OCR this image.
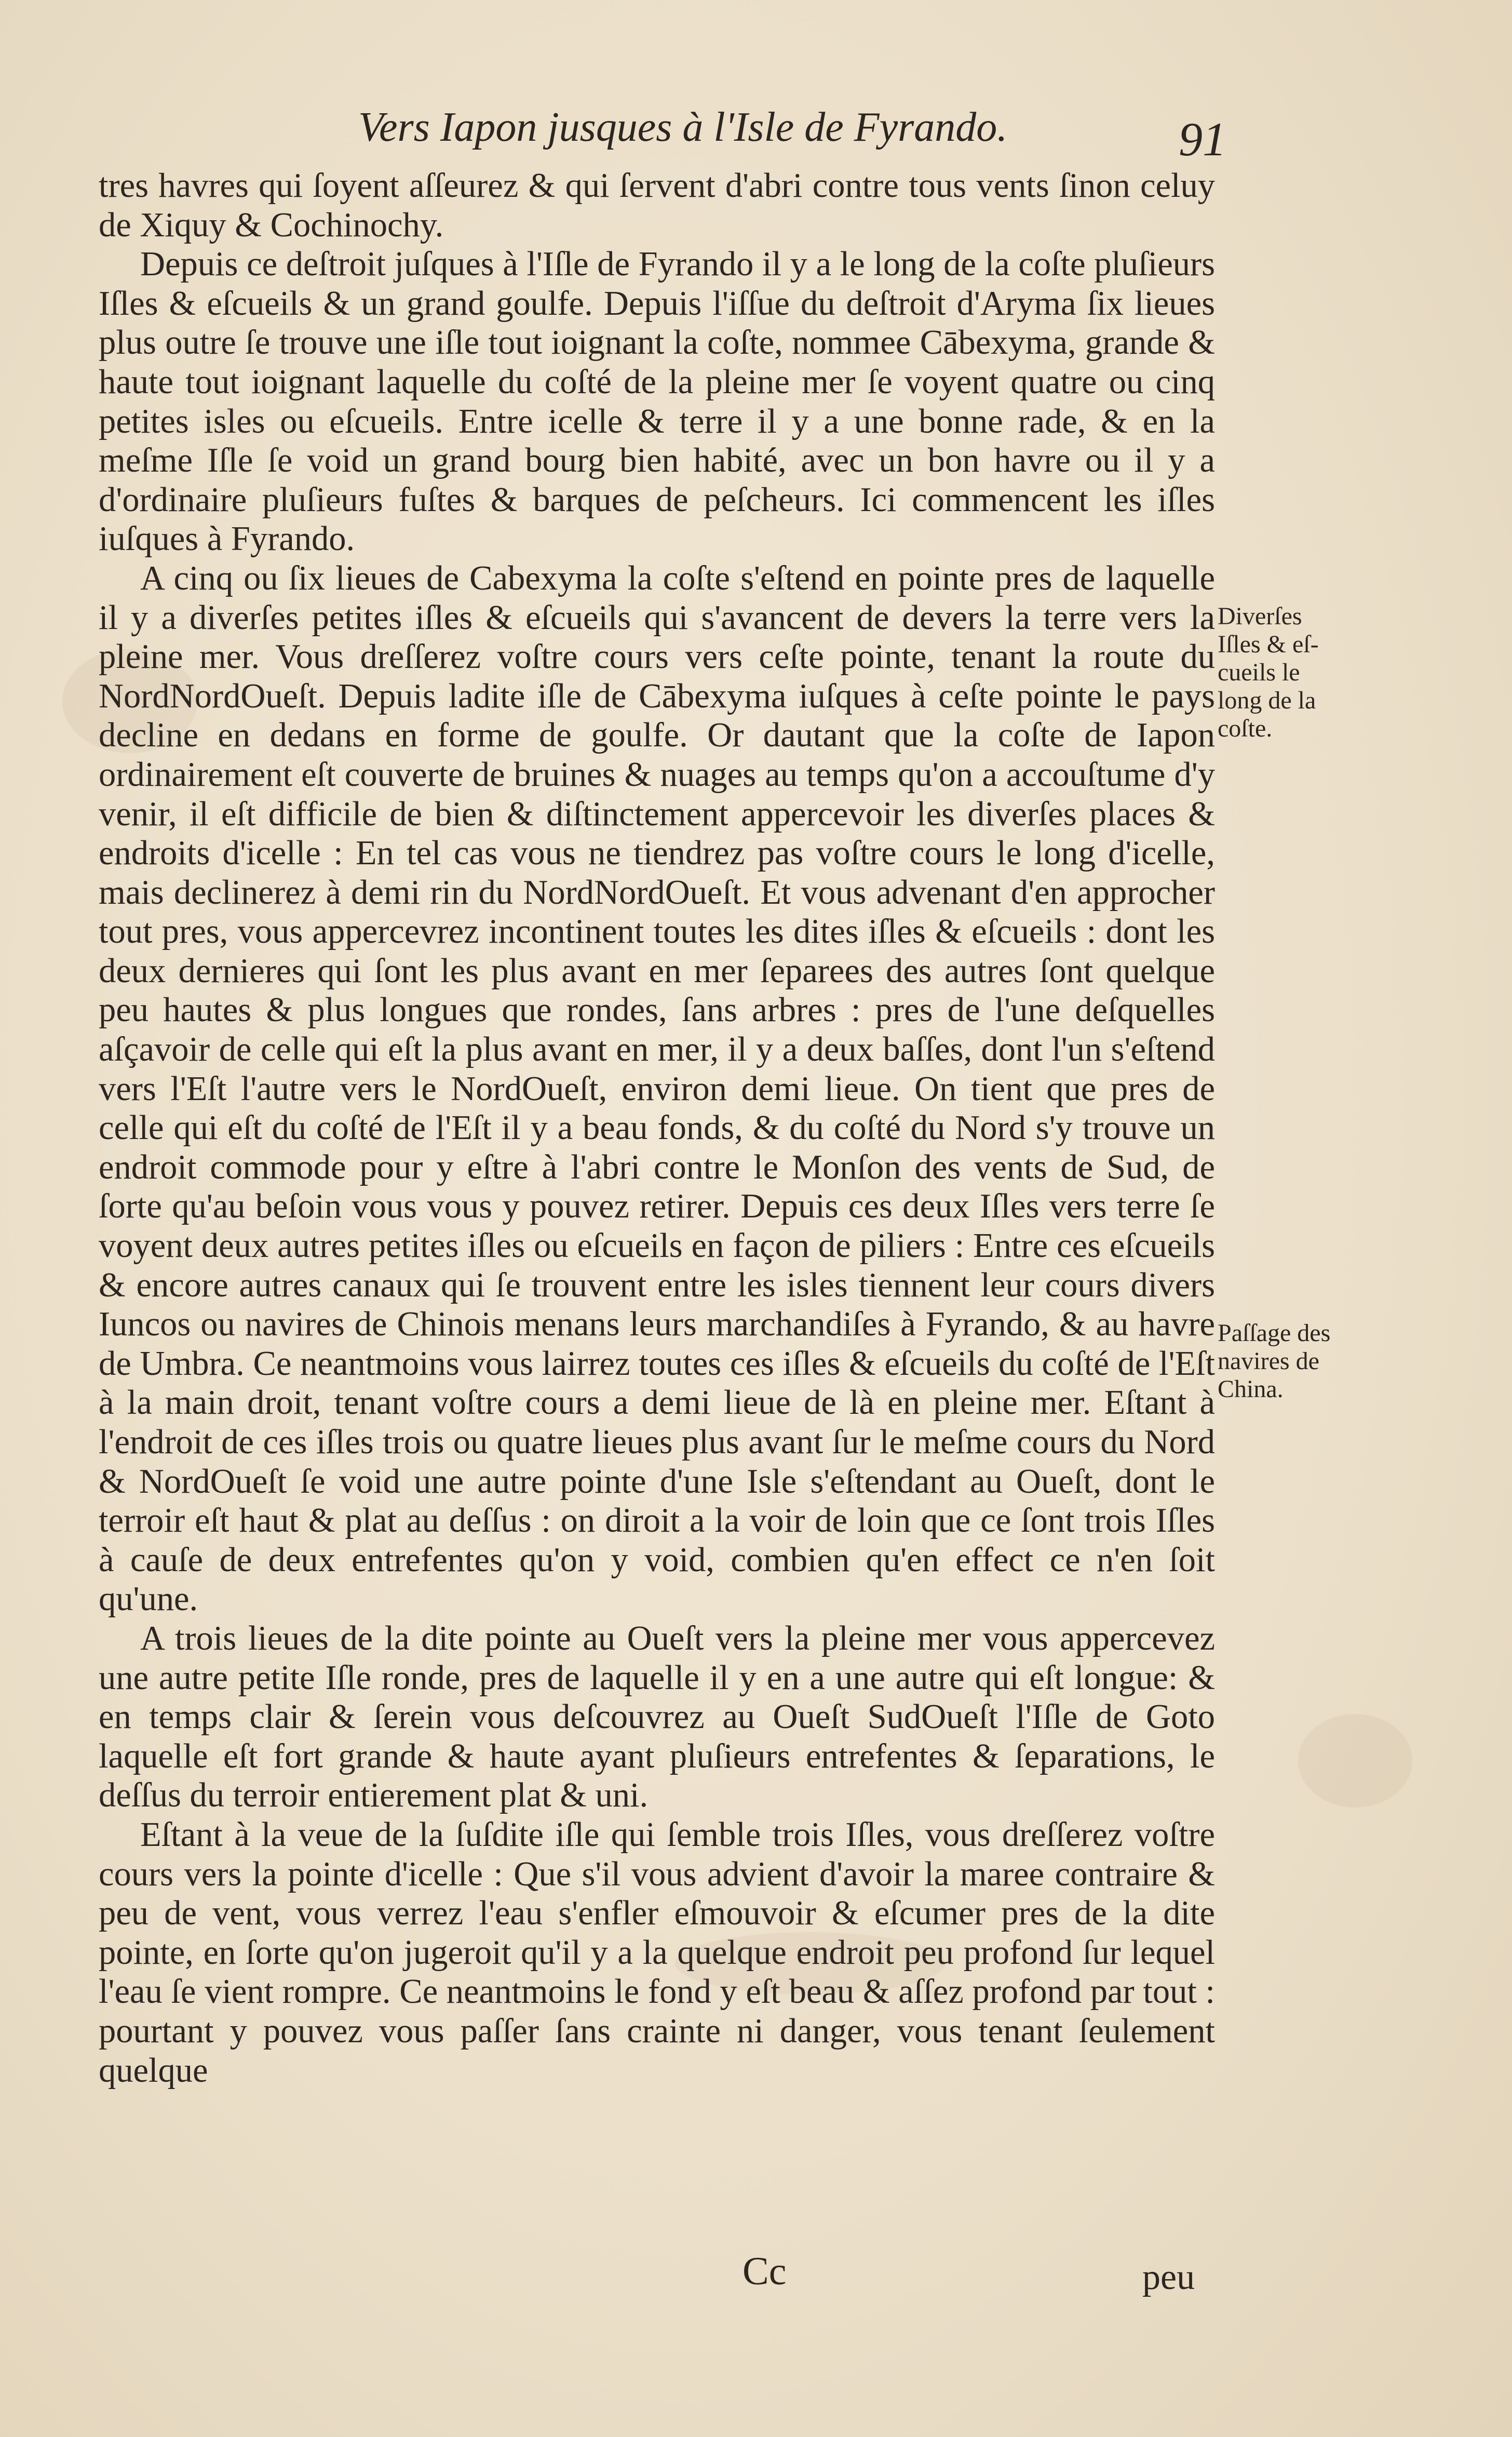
Vers Iapon jusques à l'Isle de Fyrando.	91

tres havres qui ſoyent aſſeurez & qui ſervent d'abri contre tous vents ſinon celuy de Xiquy & Cochinochy.

Depuis ce deſtroit juſques à l'Iſle de Fyrando il y a le long de la coſte pluſieurs Iſles & eſcueils & un grand goulfe. Depuis l'iſſue du deſtroit d'Aryma ſix lieues plus outre ſe trouve une iſle tout ioignant la coſte, nommee Cābexyma, grande & haute tout ioignant laquelle du coſté de la pleine mer ſe voyent quatre ou cinq petites isles ou eſcueils. Entre icelle & terre il y a une bonne rade, & en la meſme Iſle ſe void un grand bourg bien habité, avec un bon havre ou il y a d'ordinaire pluſieurs fuſtes & barques de peſcheurs. Ici commencent les iſles iuſques à Fyrando.

A cinq ou ſix lieues de Cabexyma la coſte s'eſtend en pointe pres de laquelle il y a diverſes petites iſles & eſcueils qui s'avancent de devers la terre vers la pleine mer. Vous dreſſerez voſtre cours vers ceſte pointe, tenant la route du NordNordOueſt. Depuis ladite iſle de Cābexyma iuſques à ceſte pointe le pays decline en dedans en forme de goulfe. Or dautant que la coſte de Iapon ordinairement eſt couverte de bruines & nuages au temps qu'on a accouſtume d'y venir, il eſt difficile de bien & diſtinctement appercevoir les diverſes places & endroits d'icelle : En tel cas vous ne tiendrez pas voſtre cours le long d'icelle, mais declinerez à demi rin du NordNordOueſt. Et vous advenant d'en approcher tout pres, vous appercevrez incontinent toutes les dites iſles & eſcueils : dont les deux dernieres qui ſont les plus avant en mer ſeparees des autres ſont quelque peu hautes & plus longues que rondes, ſans arbres : pres de l'une deſquelles aſçavoir de celle qui eſt la plus avant en mer, il y a deux baſſes, dont l'un s'eſtend vers l'Eſt l'autre vers le NordOueſt, environ demi lieue. On tient que pres de celle qui eſt du coſté de l'Eſt il y a beau fonds, & du coſté du Nord s'y trouve un endroit commode pour y eſtre à l'abri contre le Monſon des vents de Sud, de ſorte qu'au beſoin vous vous y pouvez retirer. Depuis ces deux Iſles vers terre ſe voyent deux autres petites iſles ou eſcueils en façon de piliers : Entre ces eſcueils & encore autres canaux qui ſe trouvent entre les isles tiennent leur cours divers Iuncos ou navires de Chinois menans leurs marchandiſes à Fyrando, & au havre de Umbra. Ce neantmoins vous lairrez toutes ces iſles & eſcueils du coſté de l'Eſt à la main droit, tenant voſtre cours a demi lieue de là en pleine mer. Eſtant à l'endroit de ces iſles trois ou quatre lieues plus avant ſur le meſme cours du Nord & NordOueſt ſe void une autre pointe d'une Isle s'eſtendant au Oueſt, dont le terroir eſt haut & plat au deſſus : on diroit a la voir de loin que ce ſont trois Iſles à cauſe de deux entrefentes qu'on y void, combien qu'en effect ce n'en ſoit qu'une.

A trois lieues de la dite pointe au Oueſt vers la pleine mer vous appercevez une autre petite Iſle ronde, pres de laquelle il y en a une autre qui eſt longue: & en temps clair & ſerein vous deſcouvrez au Oueſt SudOueſt l'Iſle de Goto laquelle eſt fort grande & haute ayant pluſieurs entrefentes & ſeparations, le deſſus du terroir entierement plat & uni.

Eſtant à la veue de la ſuſdite iſle qui ſemble trois Iſles, vous dreſſerez voſtre cours vers la pointe d'icelle : Que s'il vous advient d'avoir la maree contraire & peu de vent, vous verrez l'eau s'enfler eſmouvoir & eſcumer pres de la dite pointe, en ſorte qu'on jugeroit qu'il y a la quelque endroit peu profond ſur lequel l'eau ſe vient rompre. Ce neantmoins le fond y eſt beau & aſſez profond par tout : pourtant y pouvez vous paſſer ſans crainte ni danger, vous tenant ſeulement quelque

Diverſes
Iſles & eſ-
cueils le
long de la
coſte.
Paſſage des
navires de
China.
Cc	peu
